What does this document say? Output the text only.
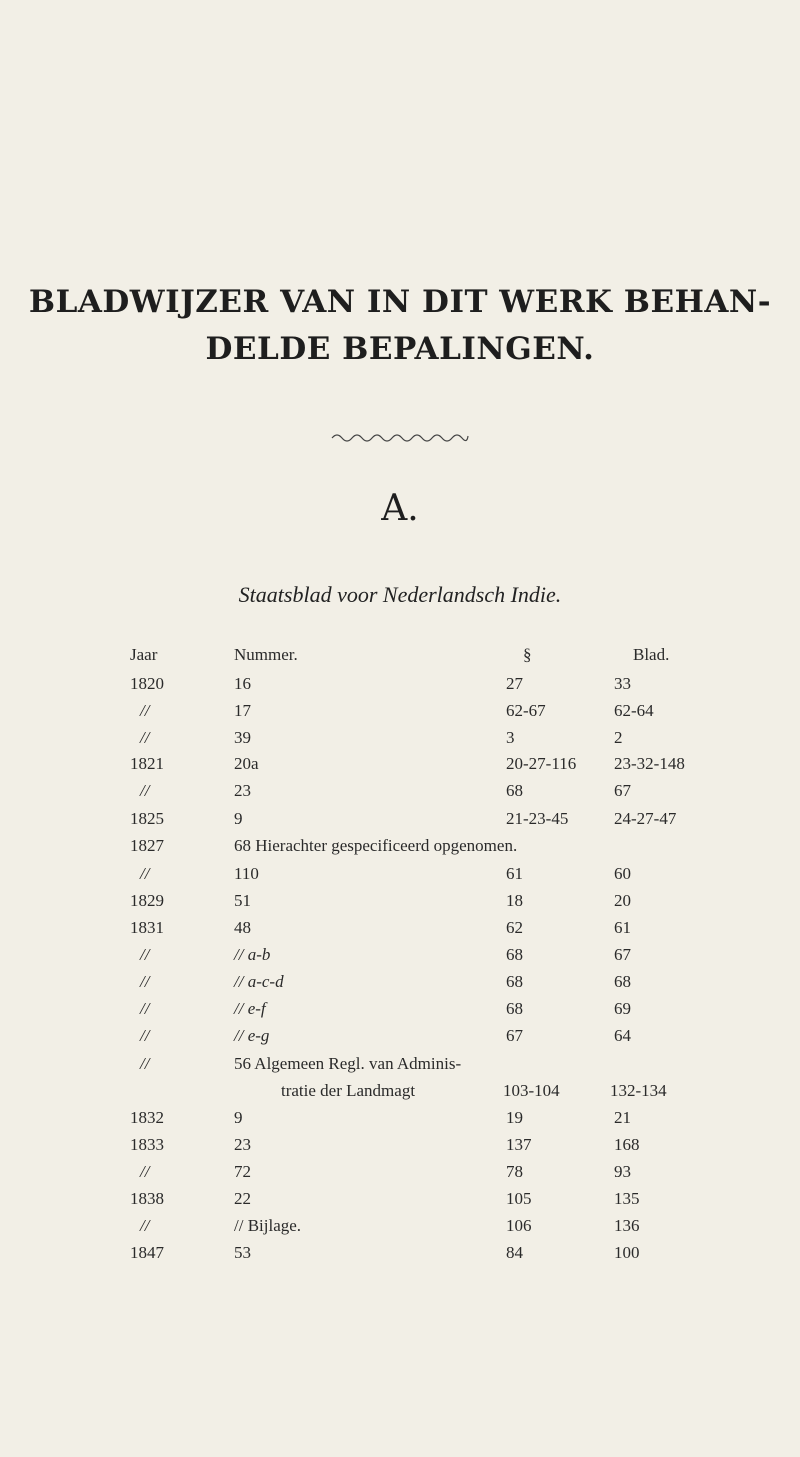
BLADWIJZER VAN IN DIT WERK BEHAN-
DELDE BEPALINGEN.
A.
Staatsblad voor Nederlandsch Indie.
Jaar	Nummer.	§	Blad.
1820	16	27	33
//	17	62-67	62-64
//	39	3	2
1821	20a	20-27-116 23-32-148
//	23	68	67
1825	9	21-23-45	24-27-47
1827	68 Hierachter gespecificeerd opgenomen.
//	110	61	60
1829	51	18	20
1831	48	62	61
//	// a-b	68	67
//	// a-c-d	68	68
//	// e-f	68	69
//	// e-g	67	64
//	56 Algemeen Regl. van Adminis-
tratie der Landmagt	103-104	132-134
1832	9	19	21
1833	23	137	168
//	72	78	93
1838	22	105	135
//	// Bijlage.	106	136
1847	53	84	100
